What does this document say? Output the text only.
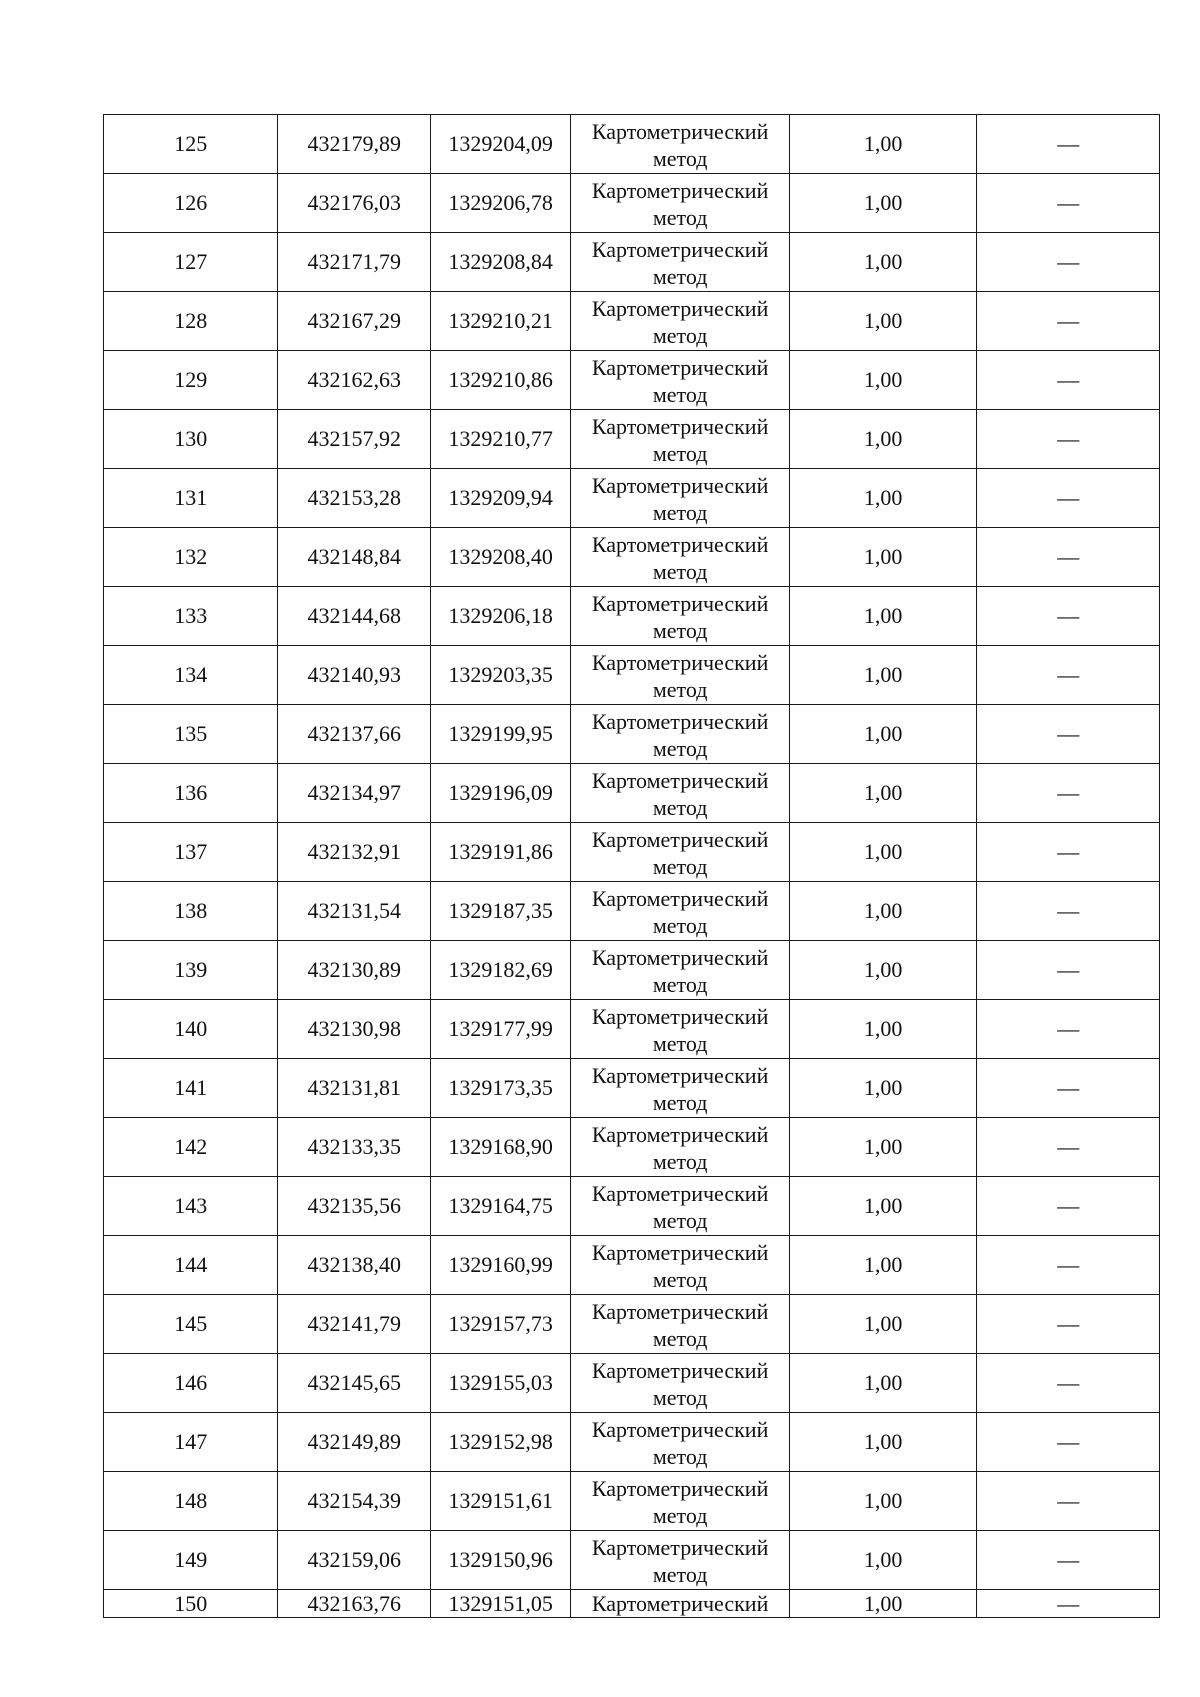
125	432179,89	1329204,09	Картометрический метод	1,00	—
126	432176,03	1329206,78	Картометрический метод	1,00	—
127	432171,79	1329208,84	Картометрический метод	1,00	—
128	432167,29	1329210,21	Картометрический метод	1,00	—
129	432162,63	1329210,86	Картометрический метод	1,00	—
130	432157,92	1329210,77	Картометрический метод	1,00	—
131	432153,28	1329209,94	Картометрический метод	1,00	—
132	432148,84	1329208,40	Картометрический метод	1,00	—
133	432144,68	1329206,18	Картометрический метод	1,00	—
134	432140,93	1329203,35	Картометрический метод	1,00	—
135	432137,66	1329199,95	Картометрический метод	1,00	—
136	432134,97	1329196,09	Картометрический метод	1,00	—
137	432132,91	1329191,86	Картометрический метод	1,00	—
138	432131,54	1329187,35	Картометрический метод	1,00	—
139	432130,89	1329182,69	Картометрический метод	1,00	—
140	432130,98	1329177,99	Картометрический метод	1,00	—
141	432131,81	1329173,35	Картометрический метод	1,00	—
142	432133,35	1329168,90	Картометрический метод	1,00	—
143	432135,56	1329164,75	Картометрический метод	1,00	—
144	432138,40	1329160,99	Картометрический метод	1,00	—
145	432141,79	1329157,73	Картометрический метод	1,00	—
146	432145,65	1329155,03	Картометрический метод	1,00	—
147	432149,89	1329152,98	Картометрический метод	1,00	—
148	432154,39	1329151,61	Картометрический метод	1,00	—
149	432159,06	1329150,96	Картометрический метод	1,00	—
150	432163,76	1329151,05	Картометрический	1,00	—
